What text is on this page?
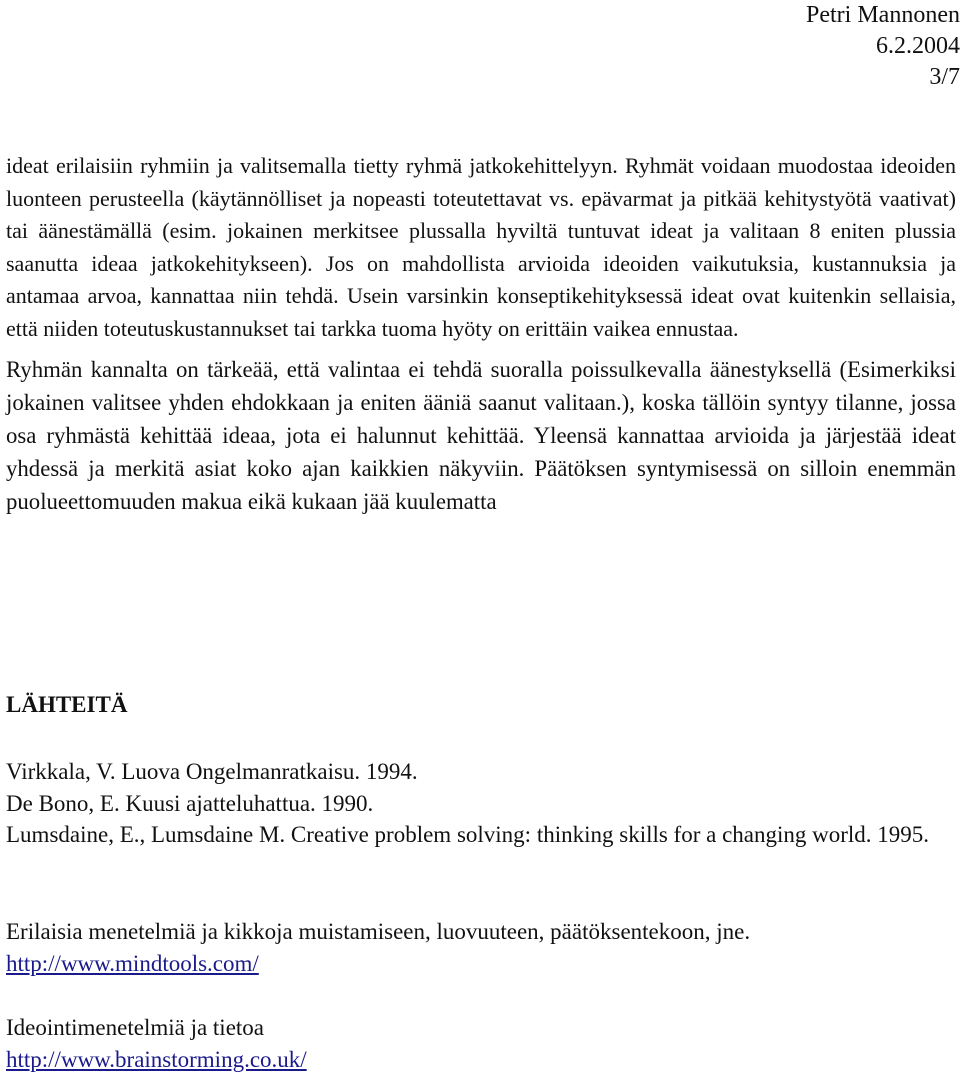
Petri Mannonen
6.2.2004
3/7

ideat erilaisiin ryhmiin ja valitsemalla tietty ryhmä jatkokehittelyyn. Ryhmät voidaan muodostaa ideoiden luonteen perusteella (käytännölliset ja nopeasti toteutettavat vs. epävarmat ja pitkää kehitystyötä vaativat) tai äänestämällä (esim. jokainen merkitsee plussalla hyviltä tuntuvat ideat ja valitaan 8 eniten plussia saanutta ideaa jatkokehitykseen). Jos on mahdollista arvioida ideoiden vaikutuksia, kustannuksia ja antamaa arvoa, kannattaa niin tehdä. Usein varsinkin konseptikehityksessä ideat ovat kuitenkin sellaisia, että niiden toteutuskustannukset tai tarkka tuoma hyöty on erittäin vaikea ennustaa.

Ryhmän kannalta on tärkeää, että valintaa ei tehdä suoralla poissulkevalla äänestyksellä (Esimerkiksi jokainen valitsee yhden ehdokkaan ja eniten ääniä saanut valitaan.), koska tällöin syntyy tilanne, jossa osa ryhmästä kehittää ideaa, jota ei halunnut kehittää. Yleensä kannattaa arvioida ja järjestää ideat yhdessä ja merkitä asiat koko ajan kaikkien näkyviin. Päätöksen syntymisessä on silloin enemmän puolueettomuuden makua eikä kukaan jää kuulematta

LÄHTEITÄ

Virkkala, V. Luova Ongelmanratkaisu. 1994.

De Bono, E. Kuusi ajatteluhattua. 1990.

Lumsdaine, E., Lumsdaine M. Creative problem solving: thinking skills for a changing world. 1995.

Erilaisia menetelmiä ja kikkoja muistamiseen, luovuuteen, päätöksentekoon, jne.

http://www.mindtools.com/

Ideointimenetelmiä ja tietoa

http://www.brainstorming.co.uk/
